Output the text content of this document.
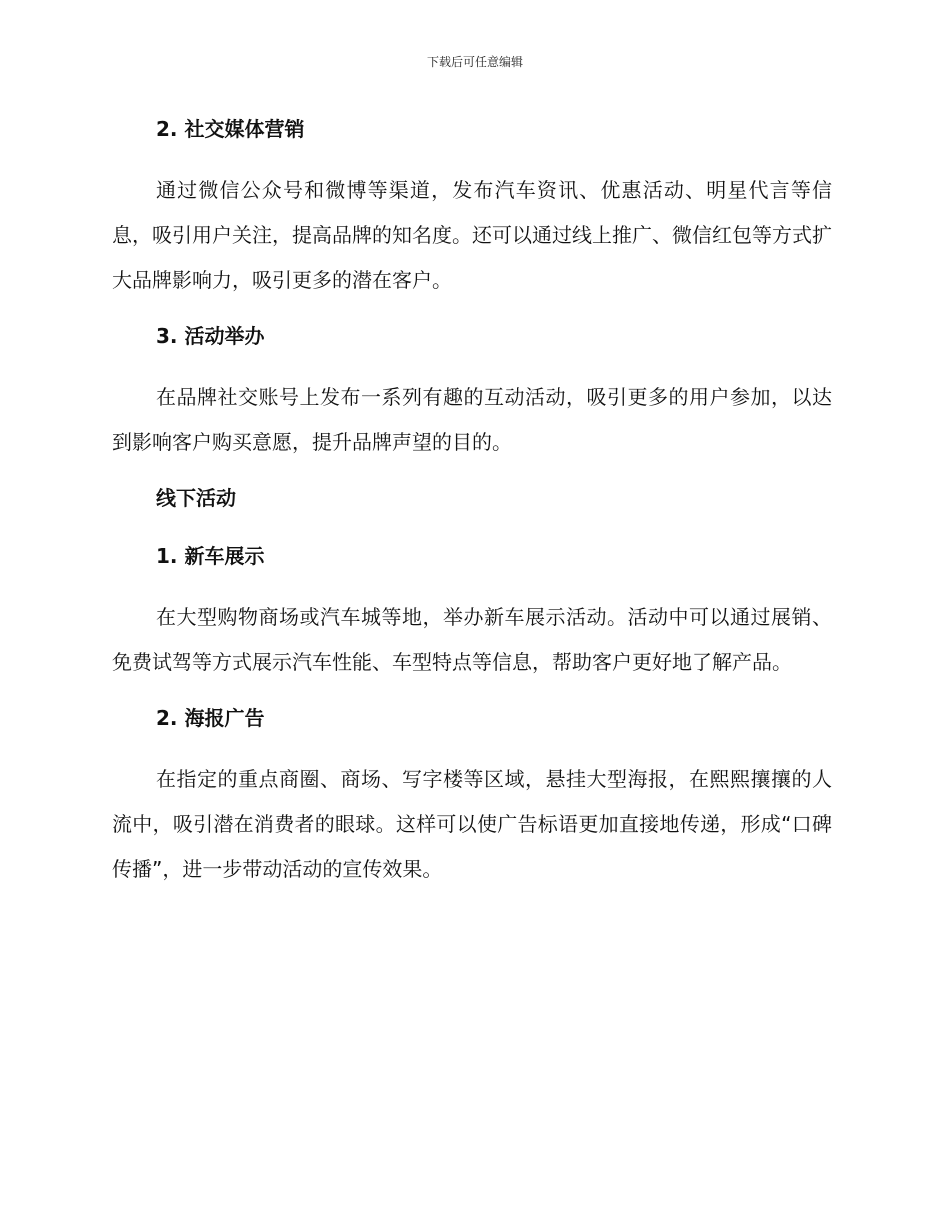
下载后可任意编辑
2. 社交媒体营销

通过微信公众号和微博等渠道，发布汽车资讯、优惠活动、明星代言等信息，吸引用户关注，提高品牌的知名度。还可以通过线上推广、微信红包等方式扩大品牌影响力，吸引更多的潜在客户。

3. 活动举办

在品牌社交账号上发布一系列有趣的互动活动，吸引更多的用户参加，以达到影响客户购买意愿，提升品牌声望的目的。

线下活动
1. 新车展示

在大型购物商场或汽车城等地，举办新车展示活动。活动中可以通过展销、免费试驾等方式展示汽车性能、车型特点等信息，帮助客户更好地了解产品。

2. 海报广告

在指定的重点商圈、商场、写字楼等区域，悬挂大型海报，在熙熙攘攘的人流中，吸引潜在消费者的眼球。这样可以使广告标语更加直接地传递，形成“口碑传播”，进一步带动活动的宣传效果。
